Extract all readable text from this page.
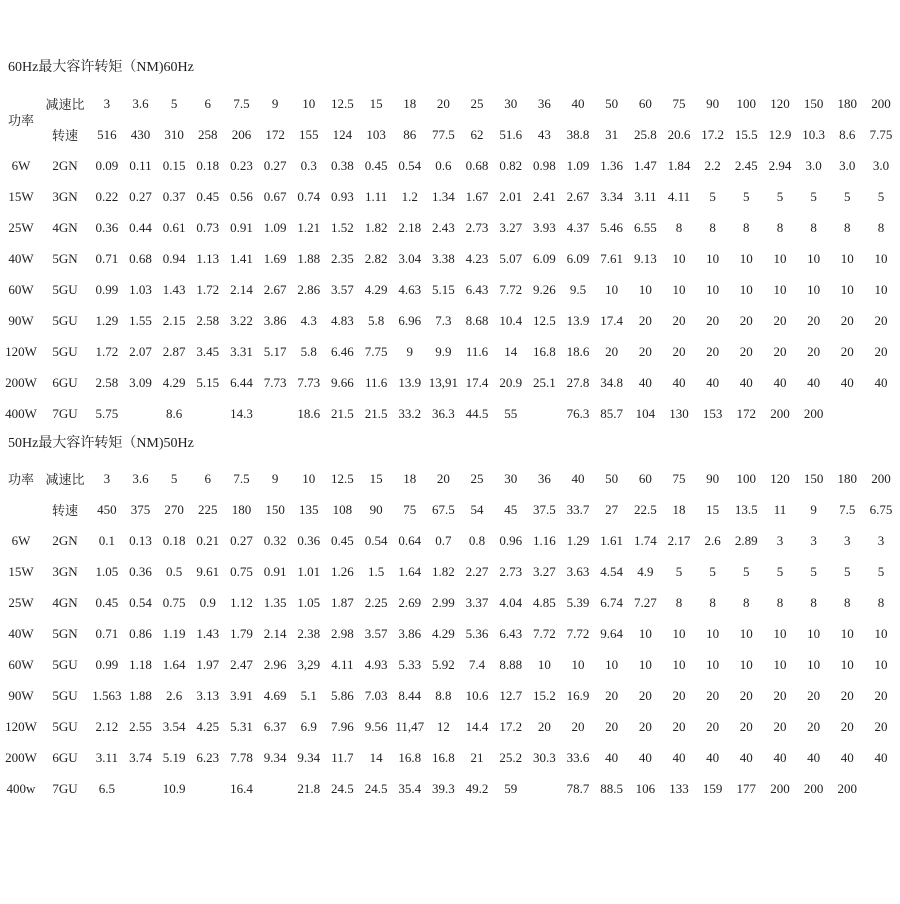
60Hz最大容许转矩（NM)60Hz
功率	减速比	3	3.6	5	6	7.5	9	10	12.5	15	18	20	25	30	36	40	50	60	75	90	100	120	150	180	200
	转速	516	430	310	258	206	172	155	124	103	86	77.5	62	51.6	43	38.8	31	25.8	20.6	17.2	15.5	12.9	10.3	8.6	7.75
6W	2GN	0.09	0.11	0.15	0.18	0.23	0.27	0.3	0.38	0.45	0.54	0.6	0.68	0.82	0.98	1.09	1.36	1.47	1.84	2.2	2.45	2.94	3.0	3.0	3.0
15W	3GN	0.22	0.27	0.37	0.45	0.56	0.67	0.74	0.93	1.11	1.2	1.34	1.67	2.01	2.41	2.67	3.34	3.11	4.11	5	5	5	5	5	5
25W	4GN	0.36	0.44	0.61	0.73	0.91	1.09	1.21	1.52	1.82	2.18	2.43	2.73	3.27	3.93	4.37	5.46	6.55	8	8	8	8	8	8	8
40W	5GN	0.71	0.68	0.94	1.13	1.41	1.69	1.88	2.35	2.82	3.04	3.38	4.23	5.07	6.09	6.09	7.61	9.13	10	10	10	10	10	10	10
60W	5GU	0.99	1.03	1.43	1.72	2.14	2.67	2.86	3.57	4.29	4.63	5.15	6.43	7.72	9.26	9.5	10	10	10	10	10	10	10	10	10
90W	5GU	1.29	1.55	2.15	2.58	3.22	3.86	4.3	4.83	5.8	6.96	7.3	8.68	10.4	12.5	13.9	17.4	20	20	20	20	20	20	20	20
120W	5GU	1.72	2.07	2.87	3.45	3.31	5.17	5.8	6.46	7.75	9	9.9	11.6	14	16.8	18.6	20	20	20	20	20	20	20	20	20
200W	6GU	2.58	3.09	4.29	5.15	6.44	7.73	7.73	9.66	11.6	13.9	13,91	17.4	20.9	25.1	27.8	34.8	40	40	40	40	40	40	40	40
400W	7GU	5.75		8.6		14.3		18.6	21.5	21.5	33.2	36.3	44.5	55		76.3	85.7	104	130	153	172	200	200		
50Hz最大容许转矩（NM)50Hz
功率	减速比	3	3.6	5	6	7.5	9	10	12.5	15	18	20	25	30	36	40	50	60	75	90	100	120	150	180	200
	转速	450	375	270	225	180	150	135	108	90	75	67.5	54	45	37.5	33.7	27	22.5	18	15	13.5	11	9	7.5	6.75
6W	2GN	0.1	0.13	0.18	0.21	0.27	0.32	0.36	0.45	0.54	0.64	0.7	0.8	0.96	1.16	1.29	1.61	1.74	2.17	2.6	2.89	3	3	3	3
15W	3GN	1.05	0.36	0.5	9.61	0.75	0.91	1.01	1.26	1.5	1.64	1.82	2.27	2.73	3.27	3.63	4.54	4.9	5	5	5	5	5	5	5
25W	4GN	0.45	0.54	0.75	0.9	1.12	1.35	1.05	1.87	2.25	2.69	2.99	3.37	4.04	4.85	5.39	6.74	7.27	8	8	8	8	8	8	8
40W	5GN	0.71	0.86	1.19	1.43	1.79	2.14	2.38	2.98	3.57	3.86	4.29	5.36	6.43	7.72	7.72	9.64	10	10	10	10	10	10	10	10
60W	5GU	0.99	1.18	1.64	1.97	2.47	2.96	3,29	4.11	4.93	5.33	5.92	7.4	8.88	10	10	10	10	10	10	10	10	10	10	10
90W	5GU	1.563	1.88	2.6	3.13	3.91	4.69	5.1	5.86	7.03	8.44	8.8	10.6	12.7	15.2	16.9	20	20	20	20	20	20	20	20	20
120W	5GU	2.12	2.55	3.54	4.25	5.31	6.37	6.9	7.96	9.56	11,47	12	14.4	17.2	20	20	20	20	20	20	20	20	20	20	20
200W	6GU	3.11	3.74	5.19	6.23	7.78	9.34	9.34	11.7	14	16.8	16.8	21	25.2	30.3	33.6	40	40	40	40	40	40	40	40	40
400w	7GU	6.5		10.9		16.4		21.8	24.5	24.5	35.4	39.3	49.2	59		78.7	88.5	106	133	159	177	200	200	200	
